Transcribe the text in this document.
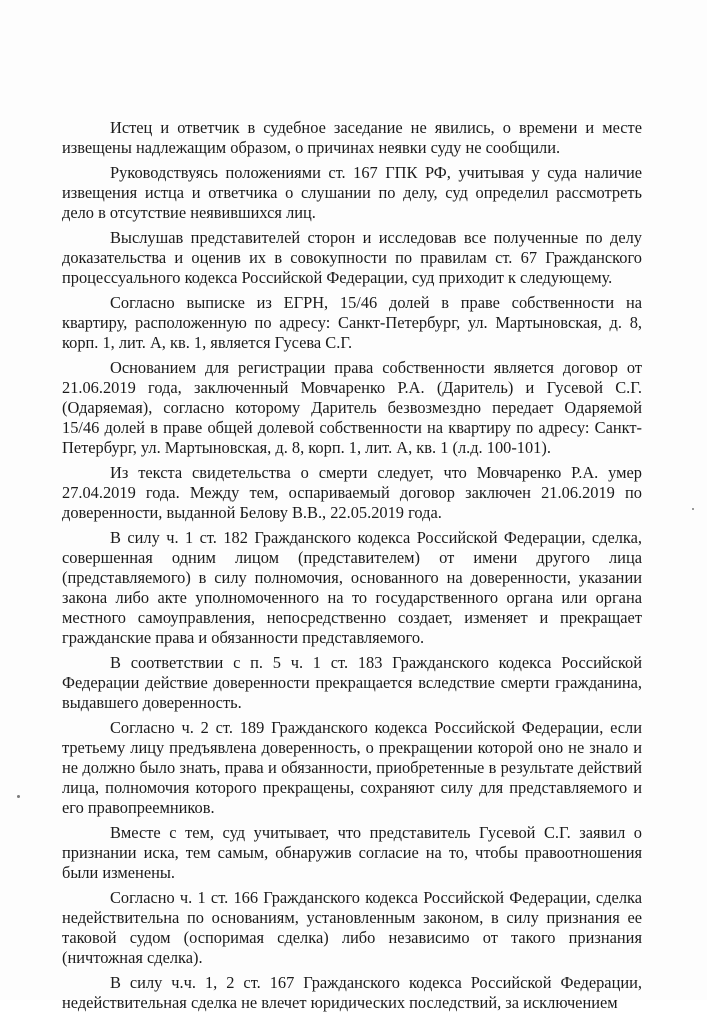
Истец и ответчик в судебное заседание не явились, о времени и месте извещены надлежащим образом, о причинах неявки суду не сообщили.

Руководствуясь положениями ст. 167 ГПК РФ, учитывая у суда наличие извещения истца и ответчика о слушании по делу, суд определил рассмотреть дело в отсутствие неявившихся лиц.

Выслушав представителей сторон и исследовав все полученные по делу доказательства и оценив их в совокупности по правилам ст. 67 Гражданского процессуального кодекса Российской Федерации, суд приходит к следующему.

Согласно выписке из ЕГРН, 15/46 долей в праве собственности на квартиру, расположенную по адресу: Санкт-Петербург, ул. Мартыновская, д. 8, корп. 1, лит. А, кв. 1, является Гусева С.Г.

Основанием для регистрации права собственности является договор от 21.06.2019 года, заключенный Мовчаренко Р.А. (Даритель) и Гусевой С.Г. (Одаряемая), согласно которому Даритель безвозмездно передает Одаряемой 15/46 долей в праве общей долевой собственности на квартиру по адресу: Санкт-Петербург, ул. Мартыновская, д. 8, корп. 1, лит. А, кв. 1 (л.д. 100-101).

Из текста свидетельства о смерти следует, что Мовчаренко Р.А. умер 27.04.2019 года. Между тем, оспариваемый договор заключен 21.06.2019 по доверенности, выданной Белову В.В., 22.05.2019 года.

В силу ч. 1 ст. 182 Гражданского кодекса Российской Федерации, сделка, совершенная одним лицом (представителем) от имени другого лица (представляемого) в силу полномочия, основанного на доверенности, указании закона либо акте уполномоченного на то государственного органа или органа местного самоуправления, непосредственно создает, изменяет и прекращает гражданские права и обязанности представляемого.

В соответствии с п. 5 ч. 1 ст. 183 Гражданского кодекса Российской Федерации действие доверенности прекращается вследствие смерти гражданина, выдавшего доверенность.

Согласно ч. 2 ст. 189 Гражданского кодекса Российской Федерации, если третьему лицу предъявлена доверенность, о прекращении которой оно не знало и не должно было знать, права и обязанности, приобретенные в результате действий лица, полномочия которого прекращены, сохраняют силу для представляемого и его правопреемников.

Вместе с тем, суд учитывает, что представитель Гусевой С.Г. заявил о признании иска, тем самым, обнаружив согласие на то, чтобы правоотношения были изменены.

Согласно ч. 1 ст. 166 Гражданского кодекса Российской Федерации, сделка недействительна по основаниям, установленным законом, в силу признания ее таковой судом (оспоримая сделка) либо независимо от такого признания (ничтожная сделка).

В силу ч.ч. 1, 2 ст. 167 Гражданского кодекса Российской Федерации, недействительная сделка не влечет юридических последствий, за исключением
